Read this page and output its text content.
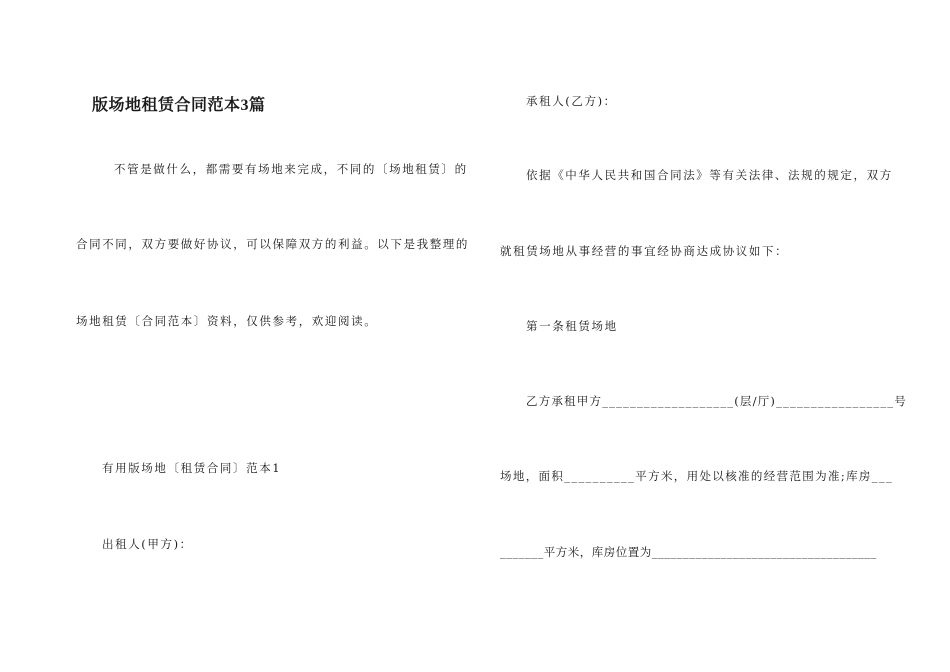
版场地租赁合同范本3篇
不管是做什么，都需要有场地来完成，不同的〔场地租赁〕的
合同不同，双方要做好协议，可以保障双方的利益。以下是我整理的
场地租赁〔合同范本〕资料，仅供参考，欢迎阅读。
有用版场地〔租赁合同〕范本1
出租人(甲方)：
承租人(乙方)：
依据《中华人民共和国合同法》等有关法律、法规的规定，双方
就租赁场地从事经营的事宜经协商达成协议如下：
第一条租赁场地
乙方承租甲方___________________(层/厅)_________________号
场地，面积__________平方米，用处以核准的经营范围为准;库房___
_______平方米，库房位置为____________________________________
